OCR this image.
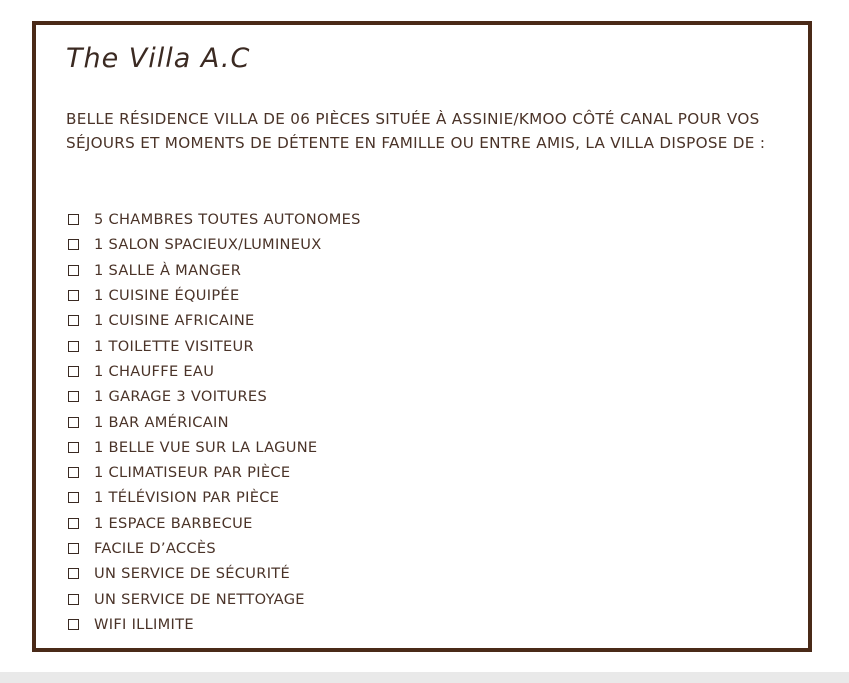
The Villa A.C
BELLE RÉSIDENCE VILLA DE 06 PIÈCES SITUÉE À ASSINIE/KMOO CÔTÉ CANAL POUR VOS SÉJOURS ET MOMENTS DE DÉTENTE EN FAMILLE OU ENTRE AMIS, LA VILLA DISPOSE DE :
5 CHAMBRES TOUTES AUTONOMES
1 SALON SPACIEUX/LUMINEUX
1 SALLE À MANGER
1 CUISINE ÉQUIPÉE
1 CUISINE AFRICAINE
1 TOILETTE VISITEUR
1 CHAUFFE EAU
1 GARAGE 3 VOITURES
1 BAR AMÉRICAIN
1 BELLE VUE SUR LA LAGUNE
1 CLIMATISEUR PAR PIÈCE
1 TÉLÉVISION PAR PIÈCE
1 ESPACE BARBECUE
FACILE D’ACCÈS
UN SERVICE DE SÉCURITÉ
UN SERVICE DE NETTOYAGE
WIFI ILLIMITE
